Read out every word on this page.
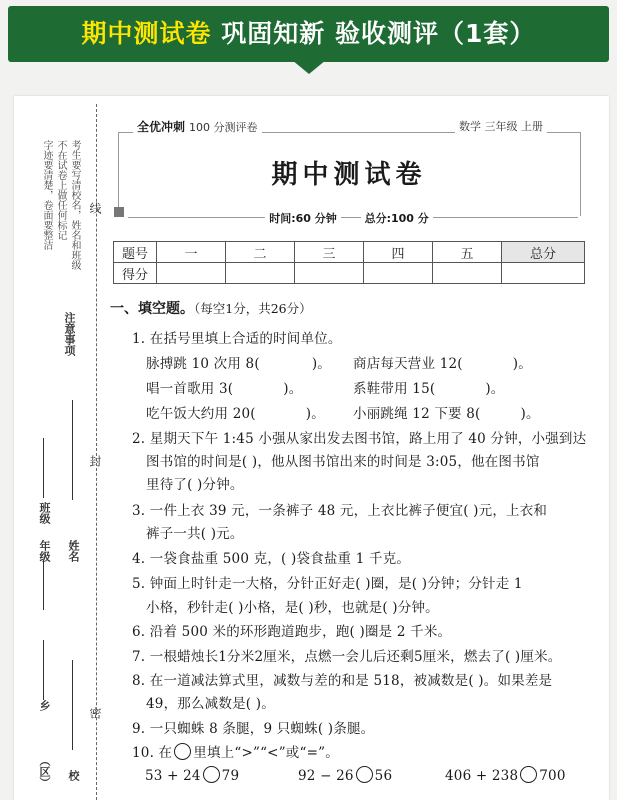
期中测试卷 巩固知新 验收测评（1套）
考生要写清校名，姓名和班级
不在试卷上做任何标记
字迹要清楚，卷面要整洁
注意事项
线
封
密
班级
年级 姓名
乡
（区） 校
全优冲刺 100 分测评卷	数学 三年级 上册
期中测试卷
时间:60 分钟	总分:100 分
题号	一	二	三	四	五	总分
得分						
一、填空题。（每空1分，共26分）
1. 在括号里填上合适的时间单位。
脉搏跳 10 次用 8(	)。 商店每天营业 12(	)。
唱一首歌用 3(	)。	系鞋带用 15(	)。
吃午饭大约用 20(	)。 小丽跳绳 12 下要 8(	)。
2. 星期天下午 1:45 小强从家出发去图书馆，路上用了 40 分钟，小强到达
图书馆的时间是( )，他从图书馆出来的时间是 3:05，他在图书馆
里待了( )分钟。
3. 一件上衣 39 元，一条裤子 48 元，上衣比裤子便宜( )元，上衣和
裤子一共( )元。
4. 一袋食盐重 500 克，( )袋食盐重 1 千克。
5. 钟面上时针走一大格，分针正好走( )圈，是( )分钟；分针走 1
小格，秒针走( )小格，是( )秒，也就是( )分钟。
6. 沿着 500 米的环形跑道跑步，跑( )圈是 2 千米。
7. 一根蜡烛长1分米2厘米，点燃一会儿后还剩5厘米，燃去了( )厘米。
8. 在一道减法算式里，减数与差的和是 518，被减数是( )。如果差是
49，那么减数是( )。
9. 一只蜘蛛 8 条腿，9 只蜘蛛( )条腿。
10. 在 里填上“>”“<”或“=”。
53 + 24 79	92 − 26 56	406 + 238 700
